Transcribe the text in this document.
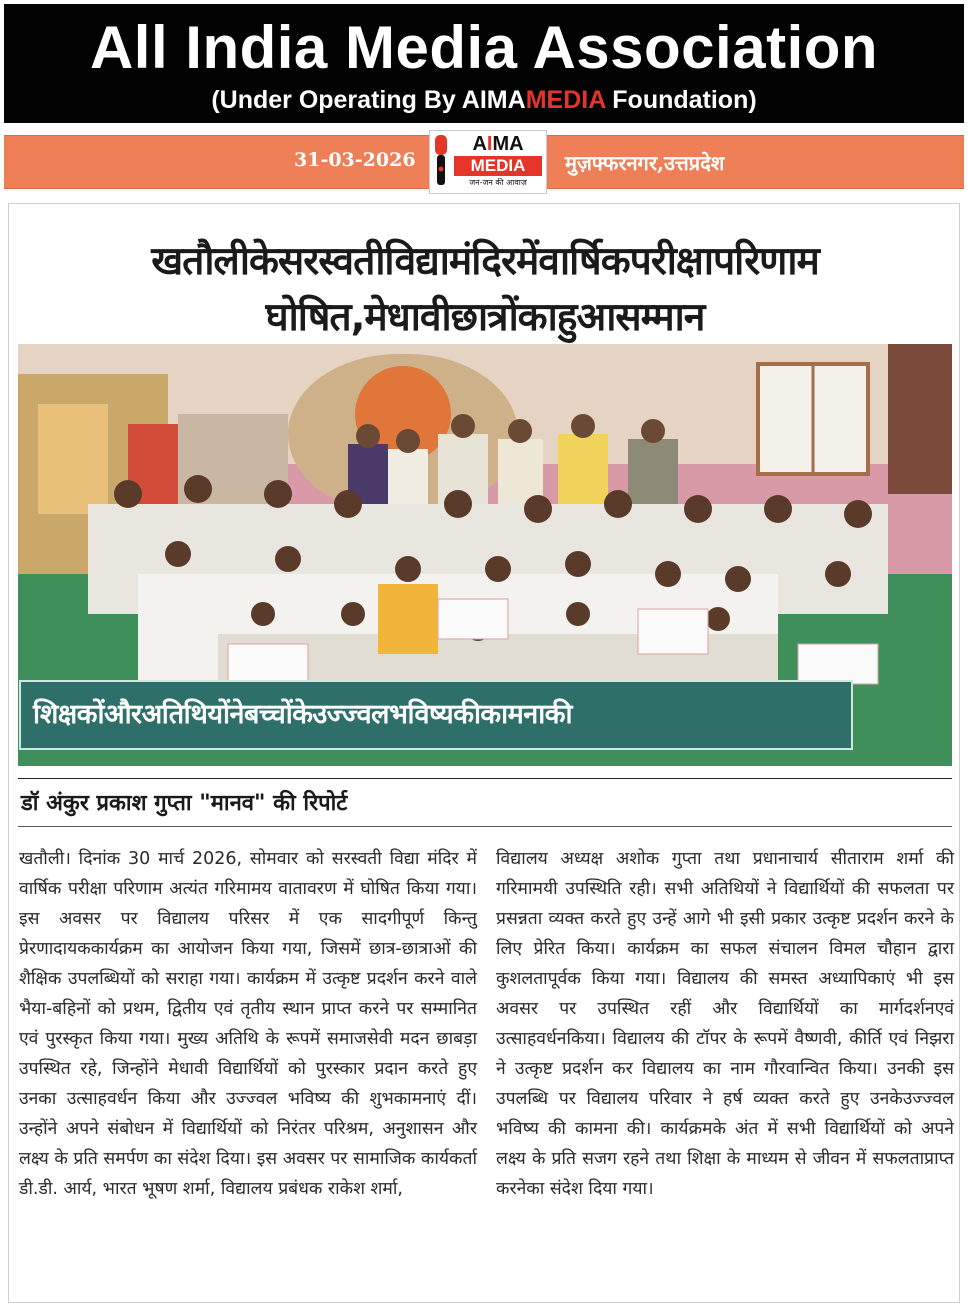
All India Media Association
(Under Operating By AIMAMEDIA Foundation)
31-03-2026
AIMA
MEDIA
जन-जन की आवाज़
मुज़फ्फरनगर,उत्तप्रदेश
खतौलीकेसरस्वतीविद्यामंदिरमेंवार्षिकपरीक्षापरिणाम
घोषित,मेधावीछात्रोंकाहुआसम्मान
शिक्षकोंऔरअतिथियोंनेबच्चोंकेउज्ज्वलभविष्यकीकामनाकी
डॉ अंकुर प्रकाश गुप्ता "मानव" की रिपोर्ट

खतौली। दिनांक 30 मार्च 2026, सोमवार को सरस्वती विद्या मंदिर में वार्षिक परीक्षा परिणाम अत्यंत गरिमामय वातावरण में घोषित किया गया। इस अवसर पर विद्यालय परिसर में एक सादगीपूर्ण किन्तु प्रेरणादायककार्यक्रम का आयोजन किया गया, जिसमें छात्र-छात्राओं की शैक्षिक उपलब्धियों को सराहा गया। कार्यक्रम में उत्कृष्ट प्रदर्शन करने वाले भैया-बहिनों को प्रथम, द्वितीय एवं तृतीय स्थान प्राप्त करने पर सम्मानित एवं पुरस्कृत किया गया। मुख्य अतिथि के रूपमें समाजसेवी मदन छाबड़ा उपस्थित रहे, जिन्होंने मेधावी विद्यार्थियों को पुरस्कार प्रदान करते हुए उनका उत्साहवर्धन किया और उज्ज्वल भविष्य की शुभकामनाएं दीं। उन्होंने अपने संबोधन में विद्यार्थियों को निरंतर परिश्रम, अनुशासन और लक्ष्य के प्रति समर्पण का संदेश दिया। इस अवसर पर सामाजिक कार्यकर्ता डी.डी. आर्य, भारत भूषण शर्मा, विद्यालय प्रबंधक राकेश शर्मा,

विद्यालय अध्यक्ष अशोक गुप्ता तथा प्रधानाचार्य सीताराम शर्मा की गरिमामयी उपस्थिति रही। सभी अतिथियों ने विद्यार्थियों की सफलता पर प्रसन्नता व्यक्त करते हुए उन्हें आगे भी इसी प्रकार उत्कृष्ट प्रदर्शन करने के लिए प्रेरित किया। कार्यक्रम का सफल संचालन विमल चौहान द्वारा कुशलतापूर्वक किया गया। विद्यालय की समस्त अध्यापिकाएं भी इस अवसर पर उपस्थित रहीं और विद्यार्थियों का मार्गदर्शनएवं उत्साहवर्धनकिया। विद्यालय की टॉपर के रूपमें वैष्णवी, कीर्ति एवं निझरा ने उत्कृष्ट प्रदर्शन कर विद्यालय का नाम गौरवान्वित किया। उनकी इस उपलब्धि पर विद्यालय परिवार ने हर्ष व्यक्त करते हुए उनकेउज्ज्वल भविष्य की कामना की। कार्यक्रमके अंत में सभी विद्यार्थियों को अपने लक्ष्य के प्रति सजग रहने तथा शिक्षा के माध्यम से जीवन में सफलताप्राप्त करनेका संदेश दिया गया।
